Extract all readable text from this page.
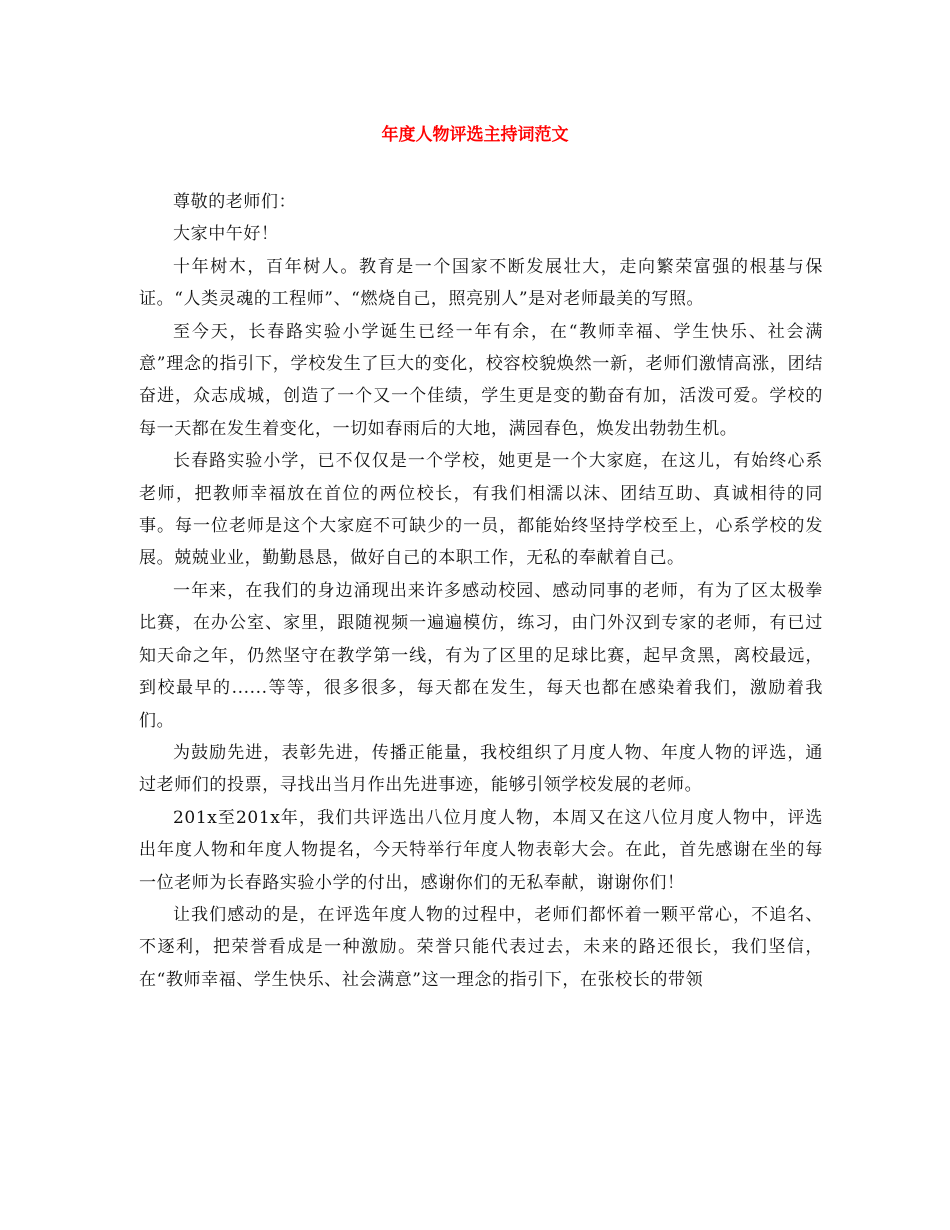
年度人物评选主持词范文

尊敬的老师们：

大家中午好！

十年树木，百年树人。教育是一个国家不断发展壮大，走向繁荣富强的根基与保证。“人类灵魂的工程师”、“燃烧自己，照亮别人”是对老师最美的写照。

至今天，长春路实验小学诞生已经一年有余，在“教师幸福、学生快乐、社会满意”理念的指引下，学校发生了巨大的变化，校容校貌焕然一新，老师们激情高涨，团结奋进，众志成城，创造了一个又一个佳绩，学生更是变的勤奋有加，活泼可爱。学校的每一天都在发生着变化，一切如春雨后的大地，满园春色，焕发出勃勃生机。

长春路实验小学，已不仅仅是一个学校，她更是一个大家庭，在这儿，有始终心系老师，把教师幸福放在首位的两位校长，有我们相濡以沫、团结互助、真诚相待的同事。每一位老师是这个大家庭不可缺少的一员，都能始终坚持学校至上，心系学校的发展。兢兢业业，勤勤恳恳，做好自己的本职工作，无私的奉献着自己。

一年来，在我们的身边涌现出来许多感动校园、感动同事的老师，有为了区太极拳比赛，在办公室、家里，跟随视频一遍遍模仿，练习，由门外汉到专家的老师，有已过知天命之年，仍然坚守在教学第一线，有为了区里的足球比赛，起早贪黑，离校最远，到校最早的......等等，很多很多，每天都在发生，每天也都在感染着我们，激励着我们。

为鼓励先进，表彰先进，传播正能量，我校组织了月度人物、年度人物的评选，通过老师们的投票，寻找出当月作出先进事迹，能够引领学校发展的老师。

201x至201x年，我们共评选出八位月度人物，本周又在这八位月度人物中，评选出年度人物和年度人物提名，今天特举行年度人物表彰大会。在此，首先感谢在坐的每一位老师为长春路实验小学的付出，感谢你们的无私奉献，谢谢你们！

让我们感动的是，在评选年度人物的过程中，老师们都怀着一颗平常心，不追名、不逐利，把荣誉看成是一种激励。荣誉只能代表过去，未来的路还很长，我们坚信，在“教师幸福、学生快乐、社会满意”这一理念的指引下，在张校长的带领
